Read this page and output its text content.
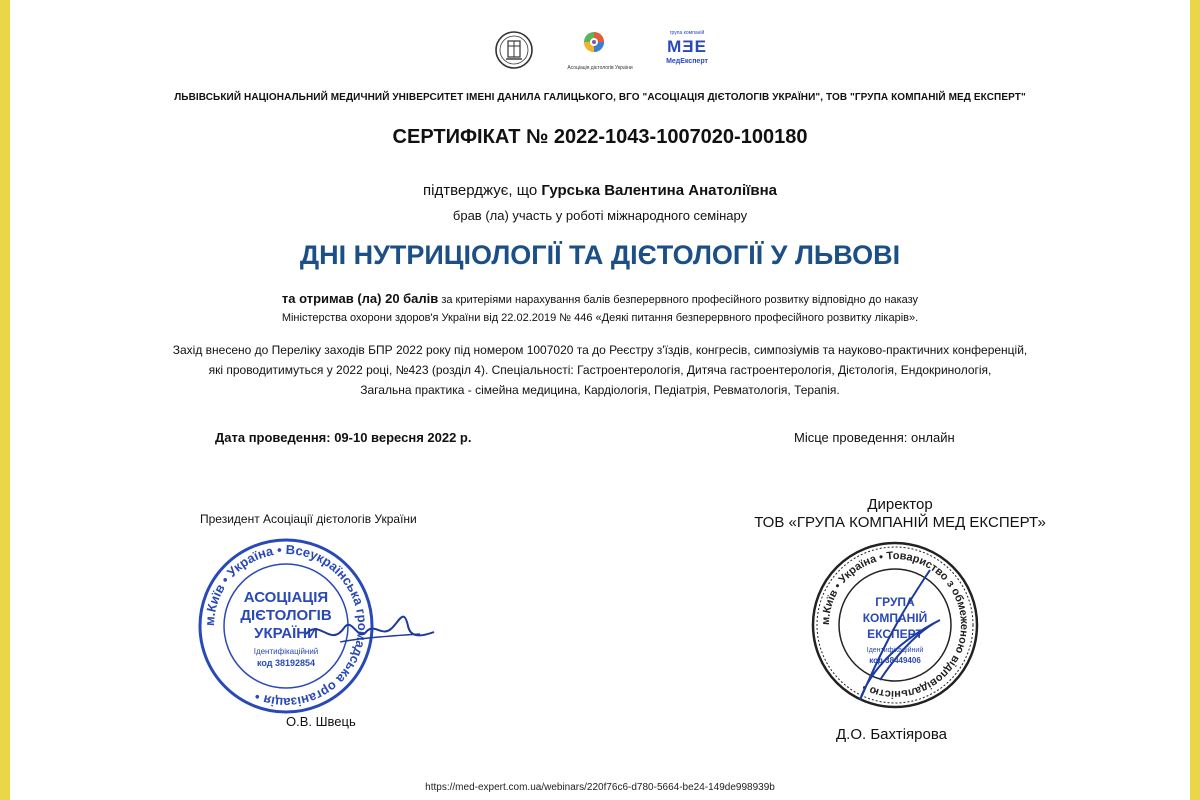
Асоціація дієтологів України
група компаній
MƎE
МедЕксперт
ЛЬВІВСЬКИЙ НАЦІОНАЛЬНИЙ МЕДИЧНИЙ УНІВЕРСИТЕТ ІМЕНІ ДАНИЛА ГАЛИЦЬКОГО, ВГО "АСОЦІАЦІЯ ДІЄТОЛОГІВ УКРАЇНИ", ТОВ "ГРУПА КОМПАНІЙ МЕД ЕКСПЕРТ"
СЕРТИФІКАТ № 2022-1043-1007020-100180
підтверджує, що Гурська Валентина Анатоліївна
брав (ла) участь у роботі міжнародного семінару
ДНІ НУТРИЦІОЛОГІЇ ТА ДІЄТОЛОГІЇ У ЛЬВОВІ
та отримав (ла) 20 балів за критеріями нарахування балів безперервного професійного розвитку відповідно до наказу
Міністерства охорони здоров'я України від 22.02.2019 № 446 «Деякі питання безперервного професійного розвитку лікарів».
Захід внесено до Переліку заходів БПР 2022 року під номером 1007020 та до Реєстру з'їздів, конгресів, симпозіумів та науково-практичних конференцій,
які проводитимуться у 2022 році, №423 (розділ 4). Спеціальності: Гастроентерологія, Дитяча гастроентерологія, Дієтологія, Ендокринологія,
Загальна практика - сімейна медицина, Кардіологія, Педіатрія, Ревматологія, Терапія.
Дата проведення: 09-10 вересня 2022 р.	Місце проведення: онлайн
Президент Асоціації дієтологів України
Директор
ТОВ «ГРУПА КОМПАНІЙ МЕД ЕКСПЕРТ»
м.Київ • Україна • Всеукраїнська громадська організація •
АСОЦІАЦІЯ
ДІЄТОЛОГІВ
УКРАЇНИ
Ідентифікаційний
код 38192854
м.Київ • Україна • Товариство з обмеженою відповідальністю •
ГРУПА
КОМПАНІЙ
ЕКСПЕРТ
Ідентифікаційний
код 38449406
О.В. Швець
Д.О. Бахтіярова
https://med-expert.com.ua/webinars/220f76c6-d780-5664-be24-149de998939b
